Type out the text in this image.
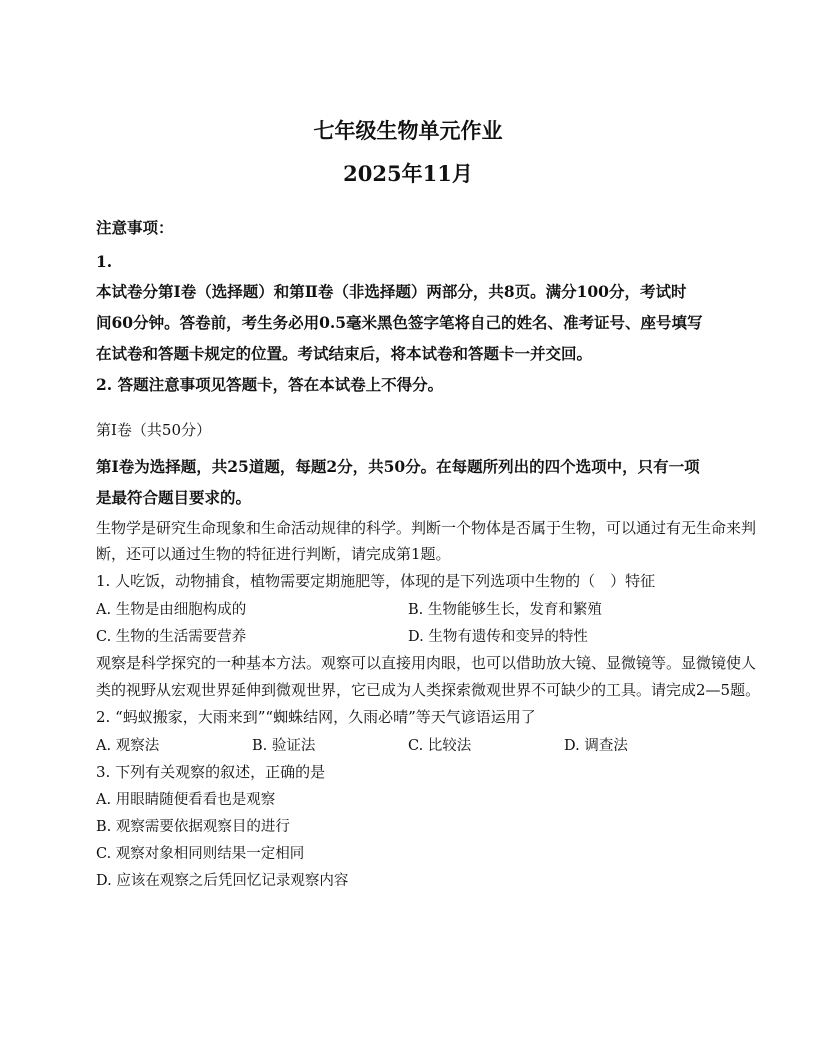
七年级生物单元作业
2025年11月
注意事项：
1.
本试卷分第Ⅰ卷（选择题）和第Ⅱ卷（非选择题）两部分，共8页。满分100分，考试时
间60分钟。答卷前，考生务必用0.5毫米黑色签字笔将自己的姓名、准考证号、座号填写
在试卷和答题卡规定的位置。考试结束后，将本试卷和答题卡一并交回。
2. 答题注意事项见答题卡，答在本试卷上不得分。
第Ⅰ卷（共50分）
第Ⅰ卷为选择题，共25道题，每题2分，共50分。在每题所列出的四个选项中，只有一项
是最符合题目要求的。
生物学是研究生命现象和生命活动规律的科学。判断一个物体是否属于生物，可以通过有无生命来判
断，还可以通过生物的特征进行判断，请完成第1题。
1. 人吃饭，动物捕食，植物需要定期施肥等，体现的是下列选项中生物的（　）特征
A. 生物是由细胞构成的	B. 生物能够生长，发育和繁殖
C. 生物的生活需要营养	D. 生物有遗传和变异的特性
观察是科学探究的一种基本方法。观察可以直接用肉眼，也可以借助放大镜、显微镜等。显微镜使人
类的视野从宏观世界延伸到微观世界，它已成为人类探索微观世界不可缺少的工具。请完成2—5题。
2. “蚂蚁搬家，大雨来到”“蜘蛛结网，久雨必晴”等天气谚语运用了
A. 观察法	B. 验证法	C. 比较法	D. 调查法
3. 下列有关观察的叙述，正确的是
A. 用眼睛随便看看也是观察
B. 观察需要依据观察目的进行
C. 观察对象相同则结果一定相同
D. 应该在观察之后凭回忆记录观察内容
